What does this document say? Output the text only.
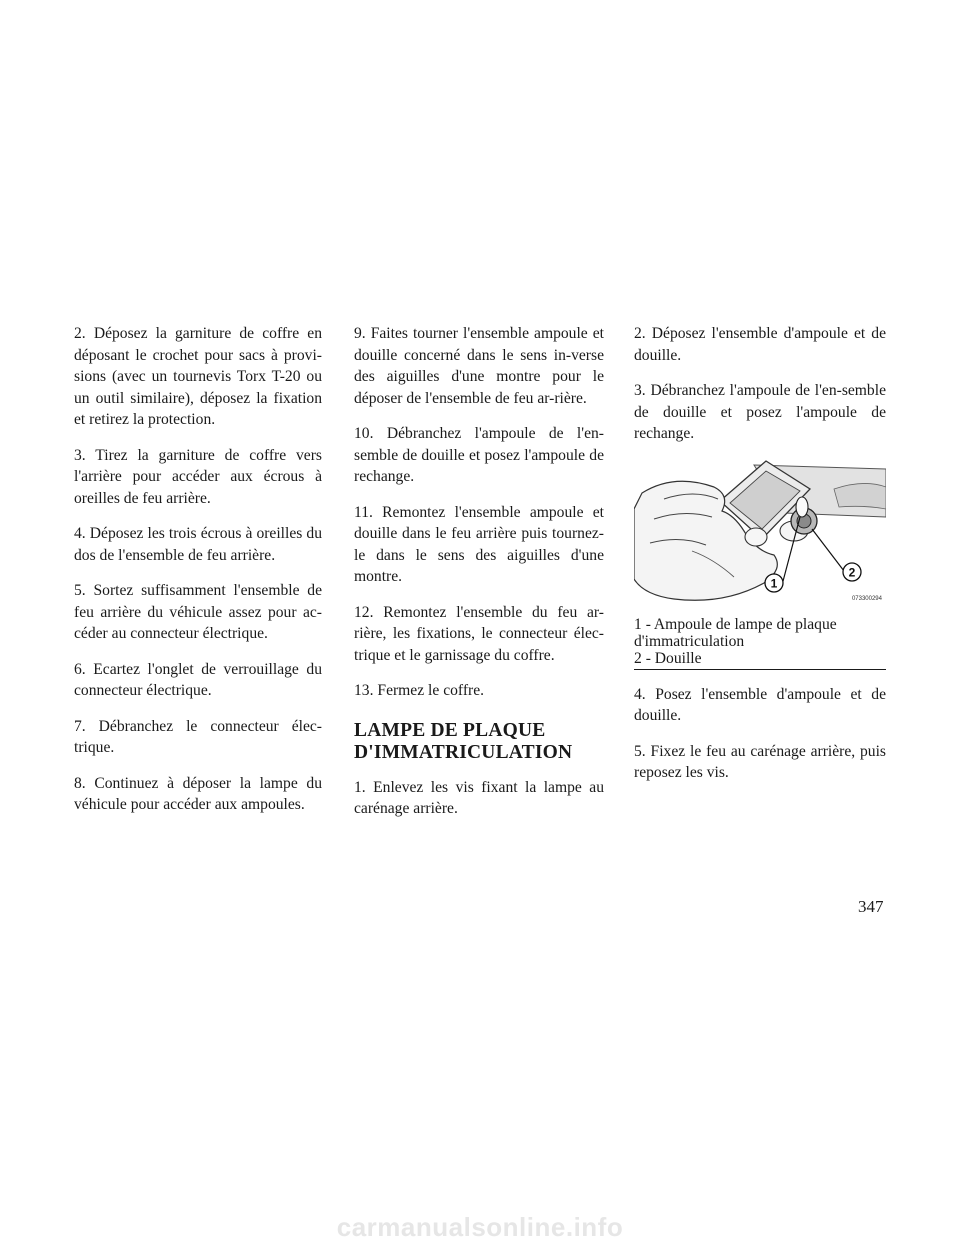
2. Déposez la garniture de coffre en déposant le crochet pour sacs à provi-sions (avec un tournevis Torx T-20 ou un outil similaire), déposez la fixation et retirez la protection.

3. Tirez la garniture de coffre vers l'arrière pour accéder aux écrous à oreilles de feu arrière.

4. Déposez les trois écrous à oreilles du dos de l'ensemble de feu arrière.

5. Sortez suffisamment l'ensemble de feu arrière du véhicule assez pour ac-céder au connecteur électrique.

6. Ecartez l'onglet de verrouillage du connecteur électrique.

7. Débranchez le connecteur élec-trique.

8. Continuez à déposer la lampe du véhicule pour accéder aux ampoules.

9. Faites tourner l'ensemble ampoule et douille concerné dans le sens in-verse des aiguilles d'une montre pour le déposer de l'ensemble de feu ar-rière.

10. Débranchez l'ampoule de l'en-semble de douille et posez l'ampoule de rechange.

11. Remontez l'ensemble ampoule et douille dans le feu arrière puis tournez-le dans le sens des aiguilles d'une montre.

12. Remontez l'ensemble du feu ar-rière, les fixations, le connecteur élec-trique et le garnissage du coffre.

13. Fermez le coffre.

LAMPE DE PLAQUE
D'IMMATRICULATION

1. Enlevez les vis fixant la lampe au carénage arrière.

2. Déposez l'ensemble d'ampoule et de douille.

3. Débranchez l'ampoule de l'en-semble de douille et posez l'ampoule de rechange.

1
2
073300294
1 - Ampoule de lampe de plaque
d'immatriculation
2 - Douille

4. Posez l'ensemble d'ampoule et de douille.

5. Fixez le feu au carénage arrière, puis reposez les vis.

347
carmanualsonline.info
